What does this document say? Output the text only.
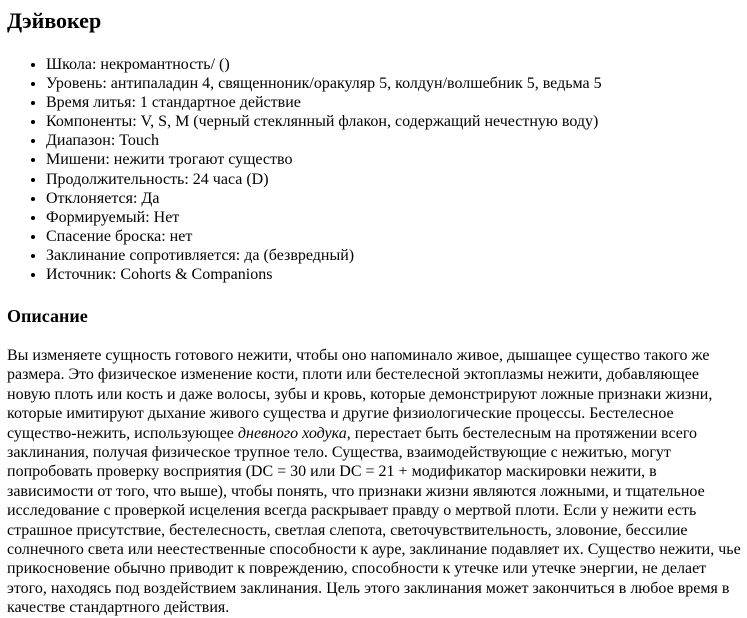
Дэйвокер
• Школа: некромантность/ ()
• Уровень: антипаладин 4, священноник/оракуляр 5, колдун/волшебник 5, ведьма 5
• Время литья: 1 стандартное действие
• Компоненты: V, S, M (черный стеклянный флакон, содержащий нечестную воду)
• Диапазон: Touch
• Мишени: нежити трогают существо
• Продолжительность: 24 часа (D)
• Отклоняется: Да
• Формируемый: Нет
• Спасение броска: нет
• Заклинание сопротивляется: да (безвредный)
• Источник: Cohorts & Companions
Описание

Вы изменяете сущность готового нежити, чтобы оно напоминало живое, дышащее существо такого же
размера. Это физическое изменение кости, плоти или бестелесной эктоплазмы нежити, добавляющее
новую плоть или кость и даже волосы, зубы и кровь, которые демонстрируют ложные признаки жизни,
которые имитируют дыхание живого существа и другие физиологические процессы. Бестелесное
существо-нежить, использующее дневного ходука, перестает быть бестелесным на протяжении всего
заклинания, получая физическое трупное тело. Существа, взаимодействующие с нежитью, могут
попробовать проверку восприятия (DC = 30 или DC = 21 + модификатор маскировки нежити, в
зависимости от того, что выше), чтобы понять, что признаки жизни являются ложными, и тщательное
исследование с проверкой исцеления всегда раскрывает правду о мертвой плоти. Если у нежити есть
страшное присутствие, бестелесность, светлая слепота, светочувствительность, зловоние, бессилие
солнечного света или неестественные способности к ауре, заклинание подавляет их. Существо нежити, чье
прикосновение обычно приводит к повреждению, способности к утечке или утечке энергии, не делает
этого, находясь под воздействием заклинания. Цель этого заклинания может закончиться в любое время в
качестве стандартного действия.
